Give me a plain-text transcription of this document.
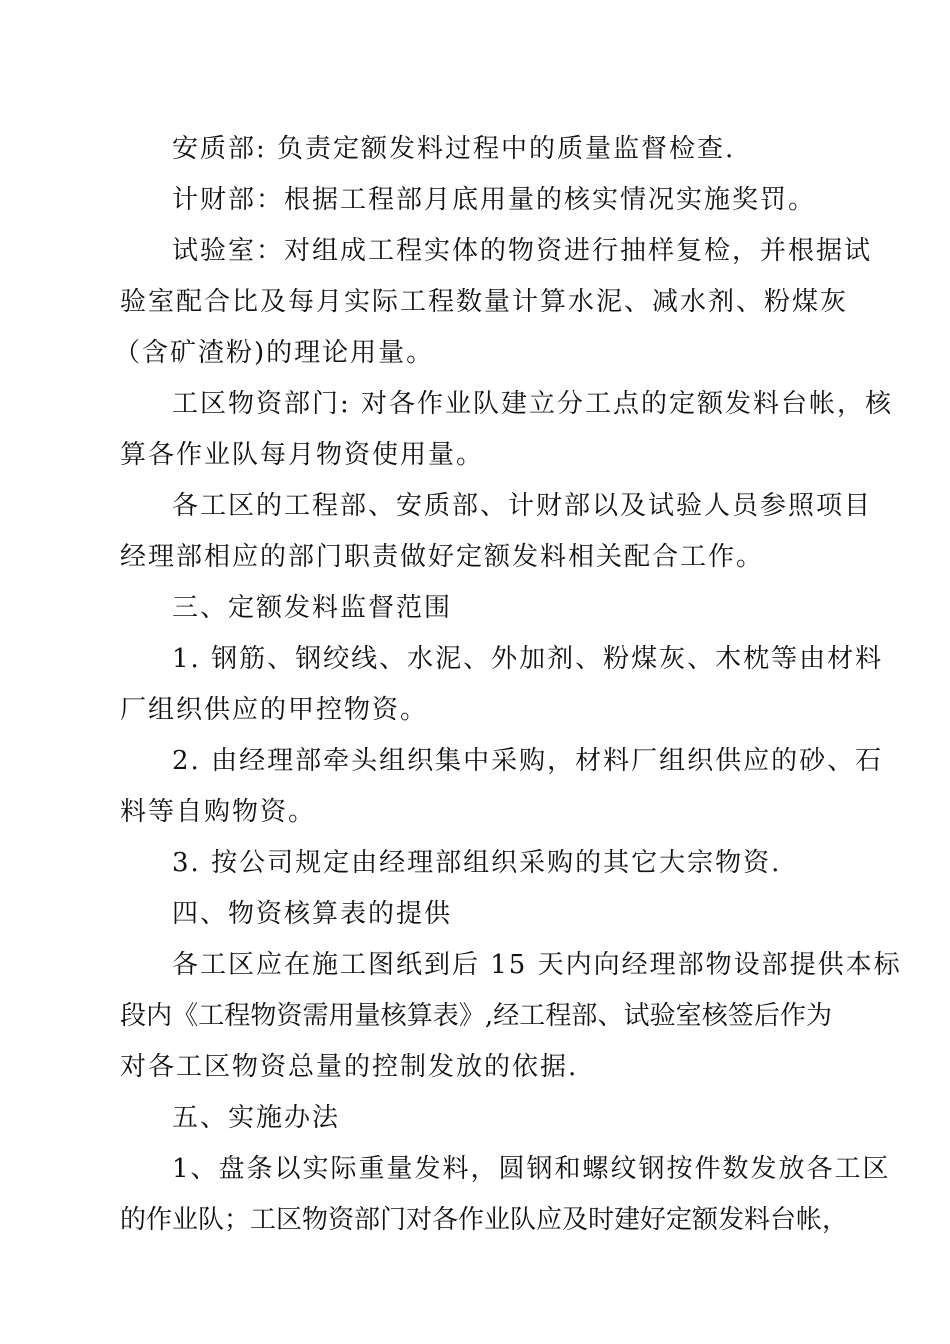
安质部: 负责定额发料过程中的质量监督检查.
计财部：根据工程部月底用量的核实情况实施奖罚。
试验室：对组成工程实体的物资进行抽样复检，并根据试
验室配合比及每月实际工程数量计算水泥、减水剂、粉煤灰
（含矿渣粉)的理论用量。
工区物资部门: 对各作业队建立分工点的定额发料台帐，核
算各作业队每月物资使用量。
各工区的工程部、安质部、计财部以及试验人员参照项目
经理部相应的部门职责做好定额发料相关配合工作。
三、定额发料监督范围
1. 钢筋、钢绞线、水泥、外加剂、粉煤灰、木枕等由材料
厂组织供应的甲控物资。
2. 由经理部牵头组织集中采购，材料厂组织供应的砂、石
料等自购物资。
3. 按公司规定由经理部组织采购的其它大宗物资.
四、物资核算表的提供
各工区应在施工图纸到后 15 天内向经理部物设部提供本标
段内《工程物资需用量核算表》,经工程部、试验室核签后作为
对各工区物资总量的控制发放的依据.
五、实施办法
1、盘条以实际重量发料，圆钢和螺纹钢按件数发放各工区
的作业队；工区物资部门对各作业队应及时建好定额发料台帐，
